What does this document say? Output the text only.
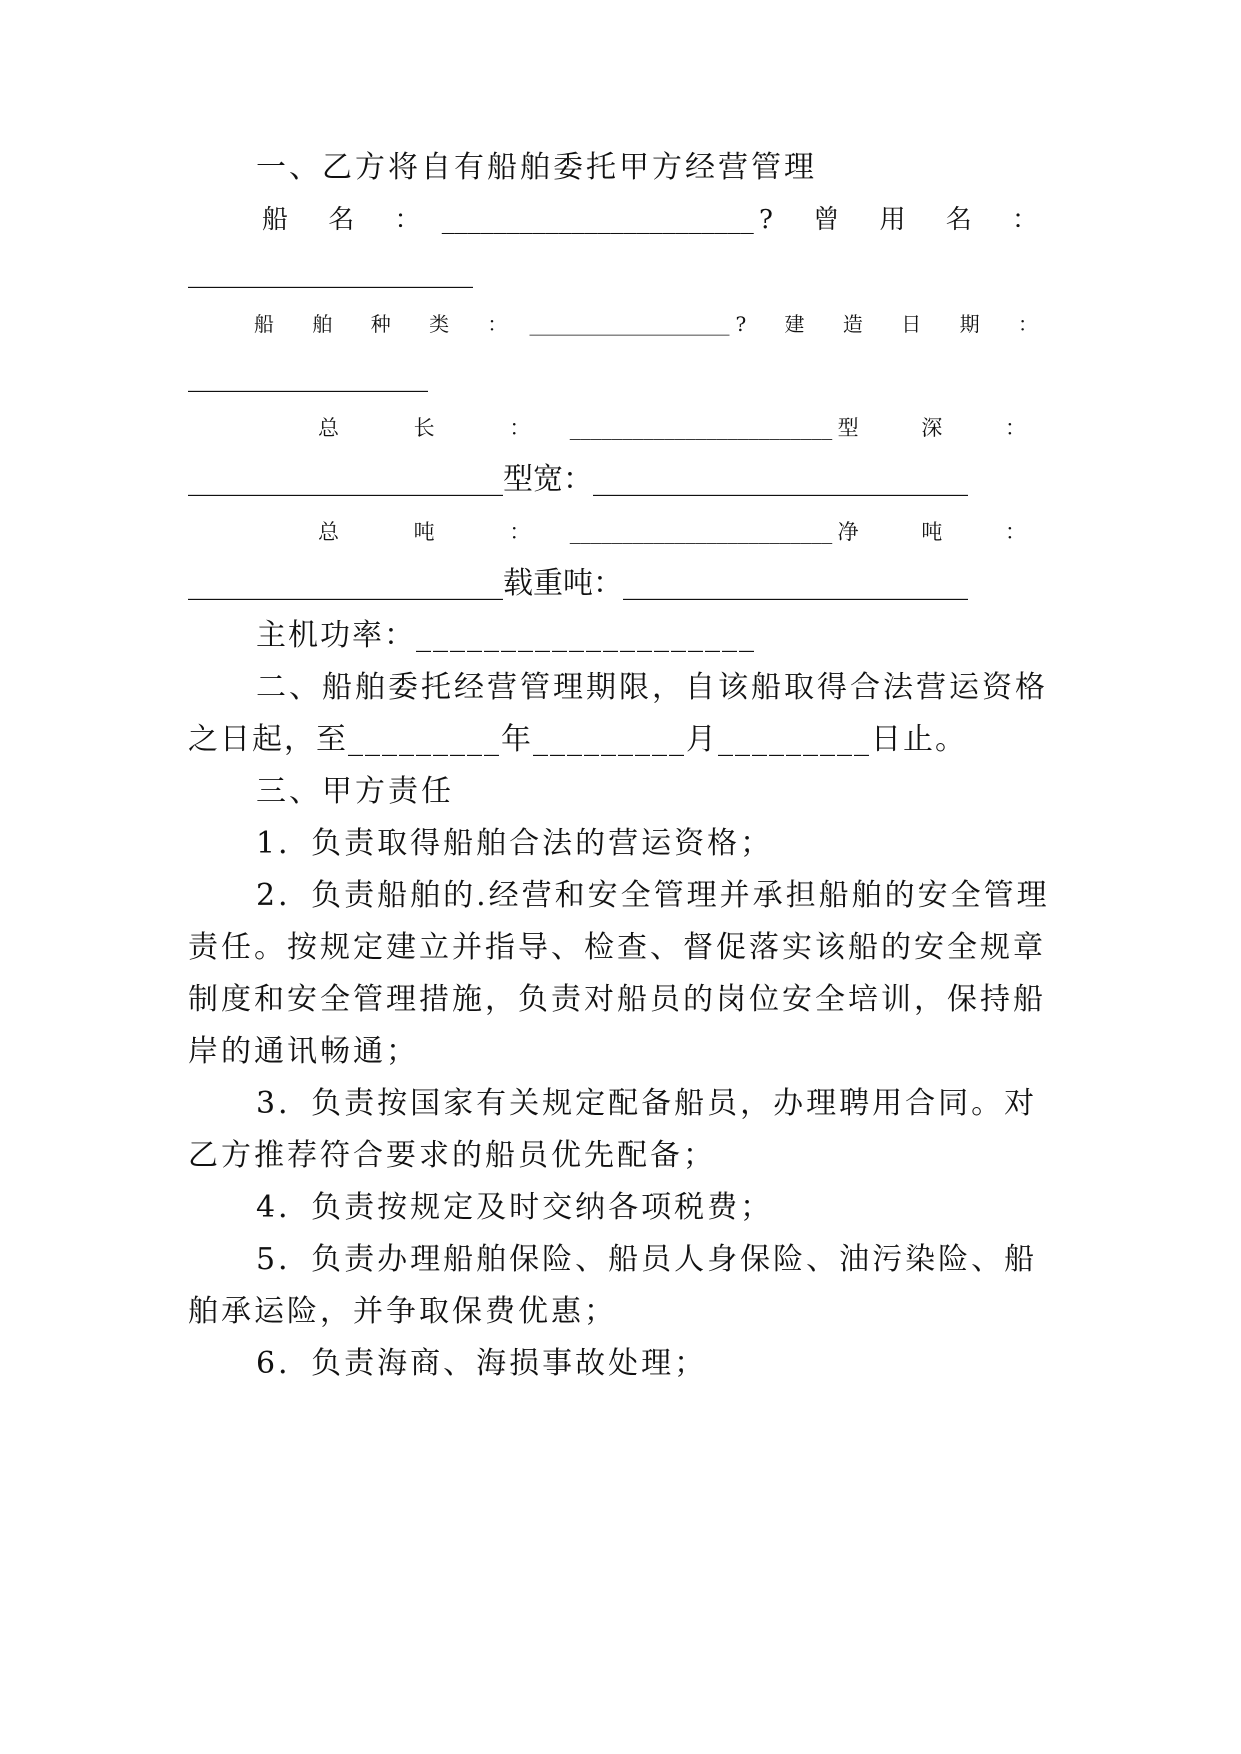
一、乙方将自有船舶委托甲方经营管理
船 名 ： ________________________ ? 曾 用 名 ：
___________________
船 舶 种 类 ： ____________________ ? 建 造 日 期 ：
________________
总 长 ： _________________________ 型 深 ：
_____________________型宽：_________________________
总 吨 ： _________________________ 净 吨 ：
_____________________载重吨：_______________________
主机功率：____________________
二、船舶委托经营管理期限，自该船取得合法营运资格
之日起，至_________年_________月_________日止。
三、甲方责任
1．负责取得船舶合法的营运资格；
2．负责船舶的.经营和安全管理并承担船舶的安全管理
责任。按规定建立并指导、检查、督促落实该船的安全规章
制度和安全管理措施，负责对船员的岗位安全培训，保持船
岸的通讯畅通；
3．负责按国家有关规定配备船员，办理聘用合同。对
乙方推荐符合要求的船员优先配备；
4．负责按规定及时交纳各项税费；
5．负责办理船舶保险、船员人身保险、油污染险、船
舶承运险，并争取保费优惠；
6．负责海商、海损事故处理；
